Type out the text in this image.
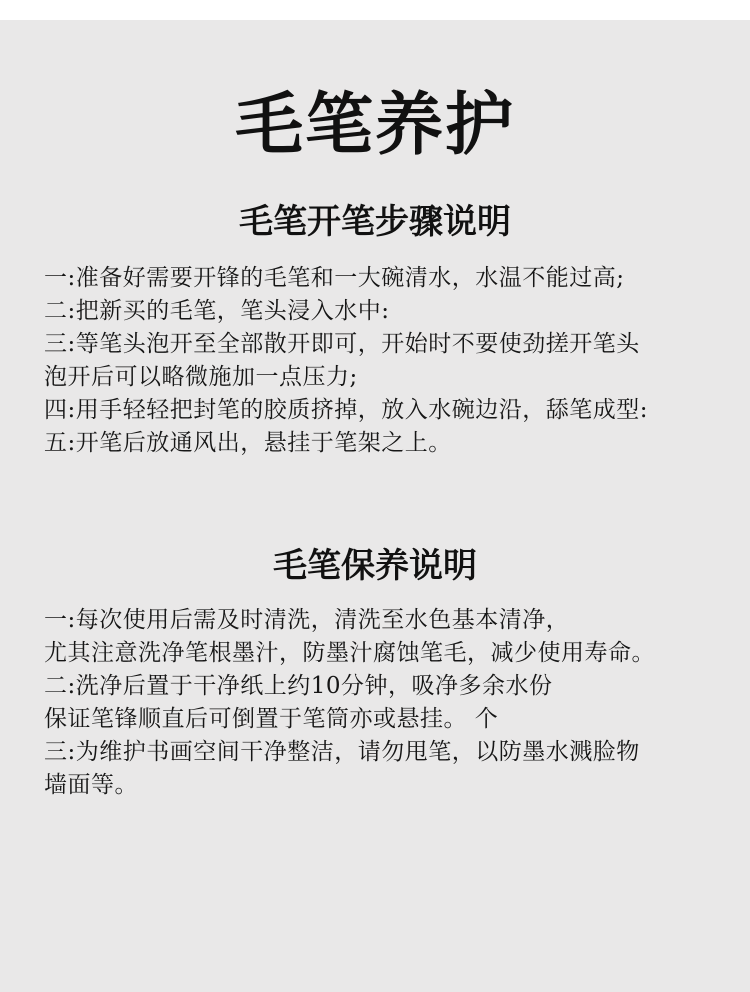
毛笔养护
毛笔开笔步骤说明
一:准备好需要开锋的毛笔和一大碗清水，水温不能过高;
二:把新买的毛笔，笔头浸入水中:
三:等笔头泡开至全部散开即可，开始时不要使劲搓开笔头
泡开后可以略微施加一点压力;
四:用手轻轻把封笔的胶质挤掉，放入水碗边沿，舔笔成型:
五:开笔后放通风出，悬挂于笔架之上。
毛笔保养说明
一:每次使用后需及时清洗，清洗至水色基本清净，
尤其注意洗净笔根墨汁，防墨汁腐蚀笔毛，减少使用寿命。
二:洗净后置于干净纸上约10分钟，吸净多余水份
保证笔锋顺直后可倒置于笔筒亦或悬挂。 个
三:为维护书画空间干净整洁，请勿甩笔，以防墨水溅脸物
墙面等。
